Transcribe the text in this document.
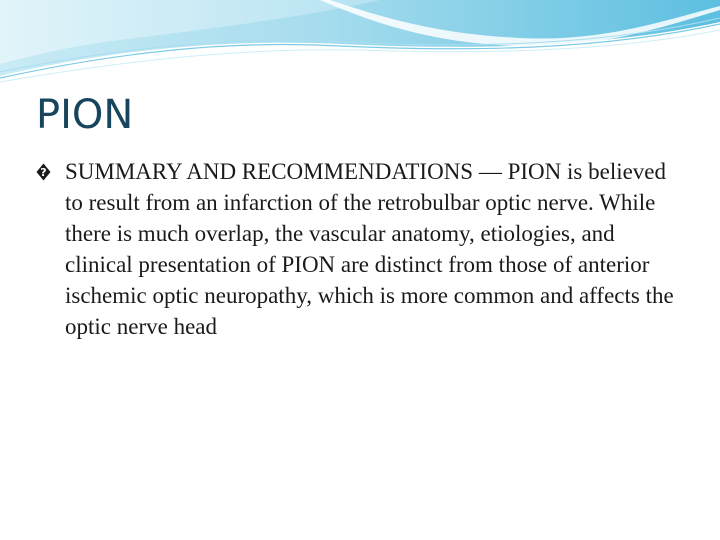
PION
? SUMMARY AND RECOMMENDATIONS — PION is believed to result from an infarction of the retrobulbar optic nerve. While there is much overlap, the vascular anatomy, etiologies, and clinical presentation of PION are distinct from those of anterior ischemic optic neuropathy, which is more common and affects the optic nerve head
